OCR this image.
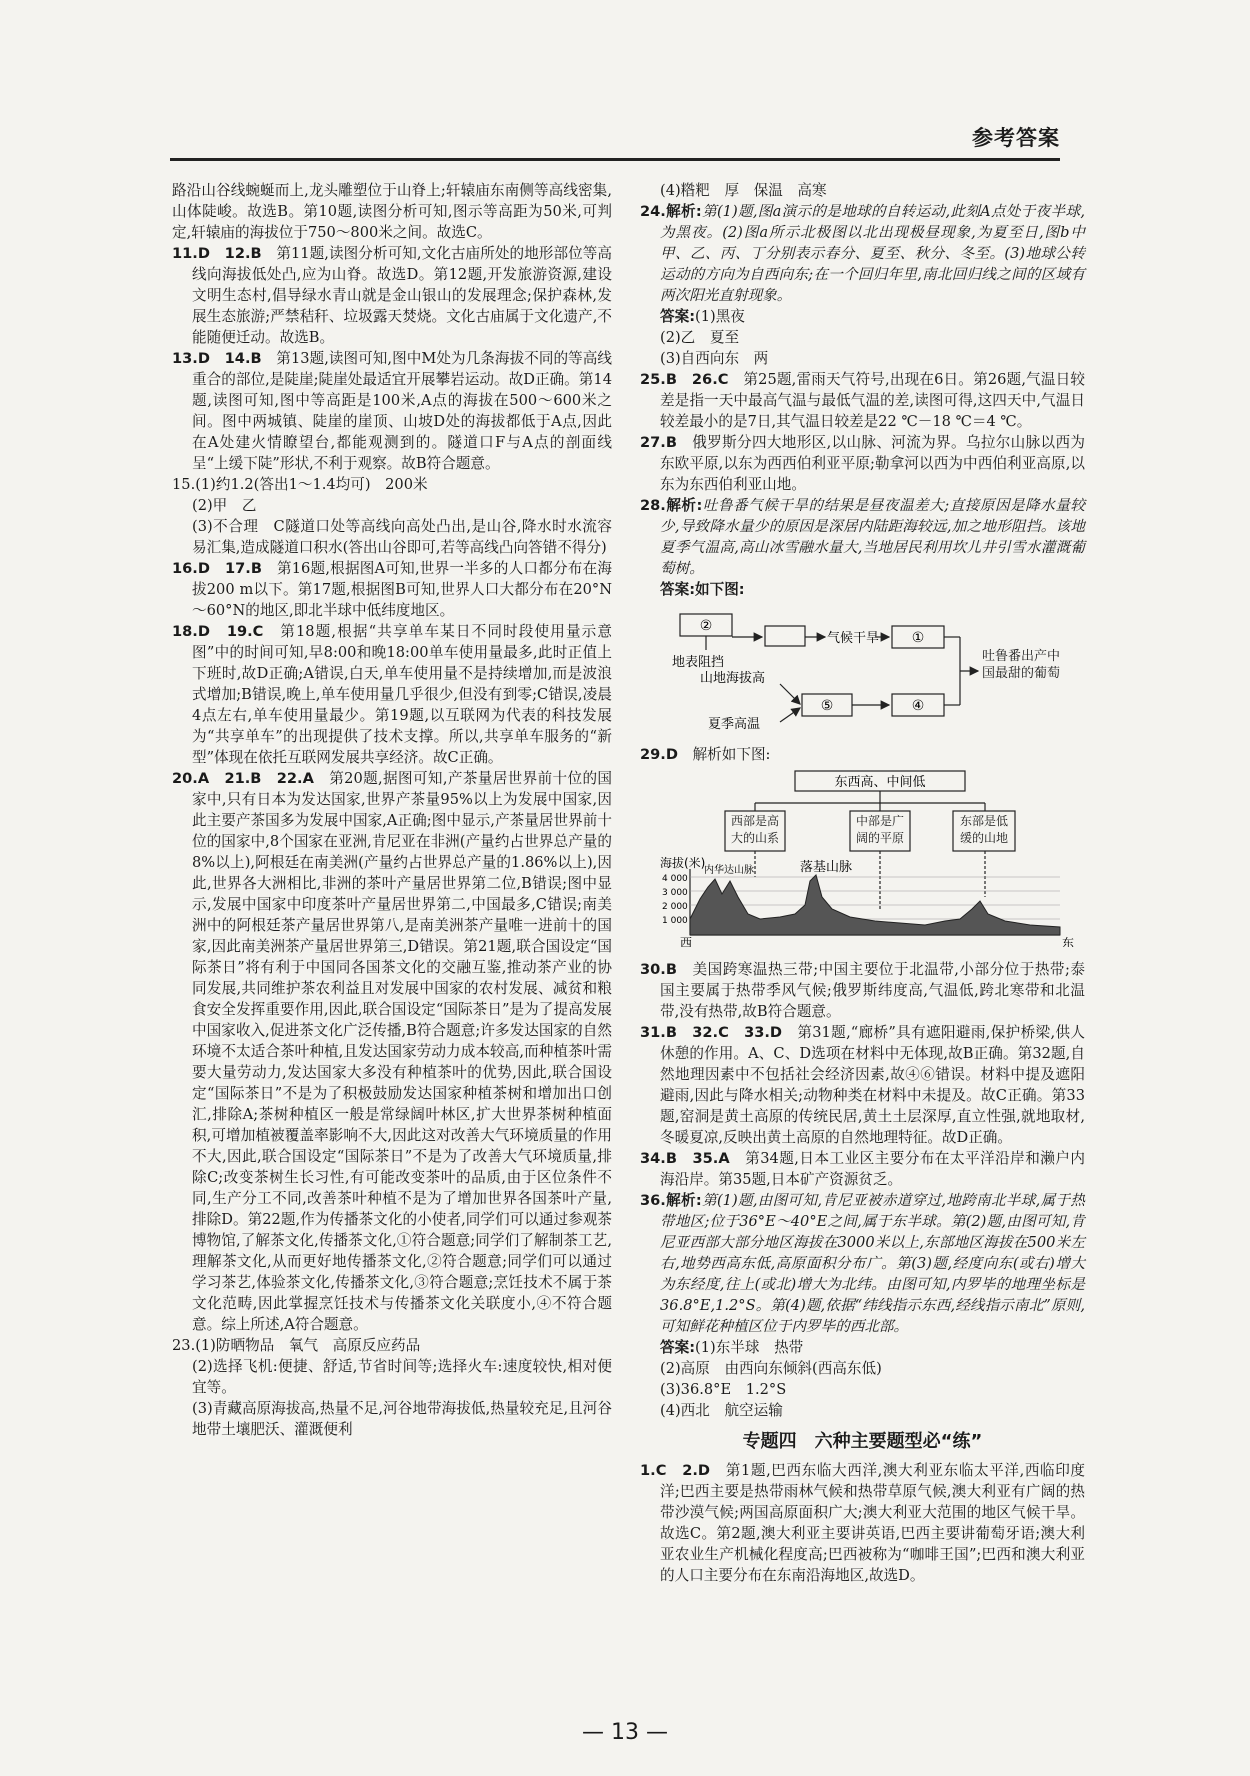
参考答案

路沿山谷线蜿蜒而上,龙头雕塑位于山脊上;轩辕庙东南侧等高线密集,山体陡峻。故选B。第10题,读图分析可知,图示等高距为50米,可判定,轩辕庙的海拔位于750～800米之间。故选C。

11.D　12.B　第11题,读图分析可知,文化古庙所处的地形部位等高线向海拔低处凸,应为山脊。故选D。第12题,开发旅游资源,建设文明生态村,倡导绿水青山就是金山银山的发展理念;保护森林,发展生态旅游;严禁秸秆、垃圾露天焚烧。文化古庙属于文化遗产,不能随便迁动。故选B。

13.D　14.B　第13题,读图可知,图中M处为几条海拔不同的等高线重合的部位,是陡崖;陡崖处最适宜开展攀岩运动。故D正确。第14题,读图可知,图中等高距是100米,A点的海拔在500～600米之间。图中两城镇、陡崖的崖顶、山坡D处的海拔都低于A点,因此在A处建火情瞭望台,都能观测到的。隧道口F与A点的剖面线呈“上缓下陡”形状,不利于观察。故B符合题意。

15.(1)约1.2(答出1～1.4均可)　200米

(2)甲　乙

(3)不合理　C隧道口处等高线向高处凸出,是山谷,降水时水流容易汇集,造成隧道口积水(答出山谷即可,若等高线凸向答错不得分)

16.D　17.B　第16题,根据图A可知,世界一半多的人口都分布在海拔200 m以下。第17题,根据图B可知,世界人口大都分布在20°N～60°N的地区,即北半球中低纬度地区。

18.D　19.C　第18题,根据“共享单车某日不同时段使用量示意图”中的时间可知,早8:00和晚18:00单车使用量最多,此时正值上下班时,故D正确;A错误,白天,单车使用量不是持续增加,而是波浪式增加;B错误,晚上,单车使用量几乎很少,但没有到零;C错误,凌晨4点左右,单车使用量最少。第19题,以互联网为代表的科技发展为“共享单车”的出现提供了技术支撑。所以,共享单车服务的“新型”体现在依托互联网发展共享经济。故C正确。

20.A　21.B　22.A　第20题,据图可知,产茶量居世界前十位的国家中,只有日本为发达国家,世界产茶量95%以上为发展中国家,因此主要产茶国多为发展中国家,A正确;图中显示,产茶量居世界前十位的国家中,8个国家在亚洲,肯尼亚在非洲(产量约占世界总产量的8%以上),阿根廷在南美洲(产量约占世界总产量的1.86%以上),因此,世界各大洲相比,非洲的茶叶产量居世界第二位,B错误;图中显示,发展中国家中印度茶叶产量居世界第二,中国最多,C错误;南美洲中的阿根廷茶产量居世界第八,是南美洲茶产量唯一进前十的国家,因此南美洲茶产量居世界第三,D错误。第21题,联合国设定“国际茶日”将有利于中国同各国茶文化的交融互鉴,推动茶产业的协同发展,共同维护茶农利益且对发展中国家的农村发展、减贫和粮食安全发挥重要作用,因此,联合国设定“国际茶日”是为了提高发展中国家收入,促进茶文化广泛传播,B符合题意;许多发达国家的自然环境不太适合茶叶种植,且发达国家劳动力成本较高,而种植茶叶需要大量劳动力,发达国家大多没有种植茶叶的优势,因此,联合国设定“国际茶日”不是为了积极鼓励发达国家种植茶树和增加出口创汇,排除A;茶树种植区一般是常绿阔叶林区,扩大世界茶树种植面积,可增加植被覆盖率影响不大,因此这对改善大气环境质量的作用不大,因此,联合国设定“国际茶日”不是为了改善大气环境质量,排除C;改变茶树生长习性,有可能改变茶叶的品质,由于区位条件不同,生产分工不同,改善茶叶种植不是为了增加世界各国茶叶产量,排除D。第22题,作为传播茶文化的小使者,同学们可以通过参观茶博物馆,了解茶文化,传播茶文化,①符合题意;同学们了解制茶工艺,理解茶文化,从而更好地传播茶文化,②符合题意;同学们可以通过学习茶艺,体验茶文化,传播茶文化,③符合题意;烹饪技术不属于茶文化范畴,因此掌握烹饪技术与传播茶文化关联度小,④不符合题意。综上所述,A符合题意。

23.(1)防晒物品　氧气　高原反应药品

(2)选择飞机:便捷、舒适,节省时间等;选择火车:速度较快,相对便宜等。

(3)青藏高原海拔高,热量不足,河谷地带海拔低,热量较充足,且河谷地带土壤肥沃、灌溉便利

(4)糌粑　厚　保温　高寒

24.解析:第(1)题,图a演示的是地球的自转运动,此刻A点处于夜半球,为黑夜。(2)图a所示北极图以北出现极昼现象,为夏至日,图b中甲、乙、丙、丁分别表示春分、夏至、秋分、冬至。(3)地球公转运动的方向为自西向东;在一个回归年里,南北回归线之间的区域有两次阳光直射现象。

答案:(1)黑夜

(2)乙　夏至

(3)自西向东　两

25.B　26.C　第25题,雷雨天气符号,出现在6日。第26题,气温日较差是指一天中最高气温与最低气温的差,读图可得,这四天中,气温日较差最小的是7日,其气温日较差是22 ℃－18 ℃＝4 ℃。

27.B　俄罗斯分四大地形区,以山脉、河流为界。乌拉尔山脉以西为东欧平原,以东为西西伯利亚平原;勒拿河以西为中西伯利亚高原,以东为东西伯利亚山地。

28.解析:吐鲁番气候干旱的结果是昼夜温差大;直接原因是降水量较少,导致降水量少的原因是深居内陆距海较远,加之地形阻挡。该地夏季气温高,高山冰雪融水量大,当地居民利用坎儿井引雪水灌溉葡萄树。

答案:如下图:

②
①
⑤	④
地表阻挡
气候干旱
山地海拔高
夏季高温
吐鲁番出产中国最甜的葡萄

29.D　解析如下图:

西部是高大的山系
中部是广阔的平原
东部是低缓的山地
东西高、中间低
海拔(米)
4 000
3 000
2 000
1 000
内华达山脉	落基山脉
西	东

30.B　美国跨寒温热三带;中国主要位于北温带,小部分位于热带;泰国主要属于热带季风气候;俄罗斯纬度高,气温低,跨北寒带和北温带,没有热带,故B符合题意。

31.B　32.C　33.D　第31题,“廊桥”具有遮阳避雨,保护桥梁,供人休憩的作用。A、C、D选项在材料中无体现,故B正确。第32题,自然地理因素中不包括社会经济因素,故④⑥错误。材料中提及遮阳避雨,因此与降水相关;动物种类在材料中未提及。故C正确。第33题,窑洞是黄土高原的传统民居,黄土土层深厚,直立性强,就地取材,冬暖夏凉,反映出黄土高原的自然地理特征。故D正确。

34.B　35.A　第34题,日本工业区主要分布在太平洋沿岸和濑户内海沿岸。第35题,日本矿产资源贫乏。

36.解析:第(1)题,由图可知,肯尼亚被赤道穿过,地跨南北半球,属于热带地区;位于36°E～40°E之间,属于东半球。第(2)题,由图可知,肯尼亚西部大部分地区海拔在3000米以上,东部地区海拔在500米左右,地势西高东低,高原面积分布广。第(3)题,经度向东(或右)增大为东经度,往上(或北)增大为北纬。由图可知,内罗毕的地理坐标是36.8°E,1.2°S。第(4)题,依据“纬线指示东西,经线指示南北”原则,可知鲜花种植区位于内罗毕的西北部。

答案:(1)东半球　热带

(2)高原　由西向东倾斜(西高东低)

(3)36.8°E　1.2°S

(4)西北　航空运输

专题四　六种主要题型必“练”

1.C　2.D　第1题,巴西东临大西洋,澳大利亚东临太平洋,西临印度洋;巴西主要是热带雨林气候和热带草原气候,澳大利亚有广阔的热带沙漠气候;两国高原面积广大;澳大利亚大范围的地区气候干旱。故选C。第2题,澳大利亚主要讲英语,巴西主要讲葡萄牙语;澳大利亚农业生产机械化程度高;巴西被称为“咖啡王国”;巴西和澳大利亚的人口主要分布在东南沿海地区,故选D。

— 13 —
